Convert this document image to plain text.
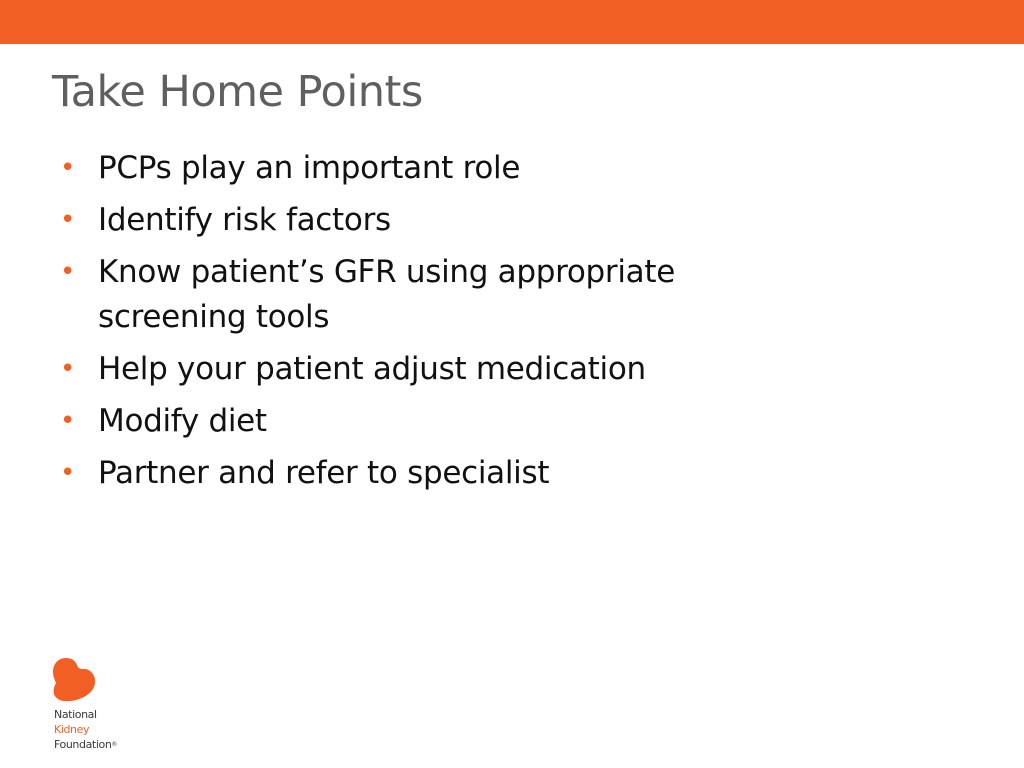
Take Home Points
• PCPs play an important role
• Identify risk factors
• Know patient’s GFR using appropriate screening tools
• Help your patient adjust medication
• Modify diet
• Partner and refer to specialist
National
Kidney
Foundation®
